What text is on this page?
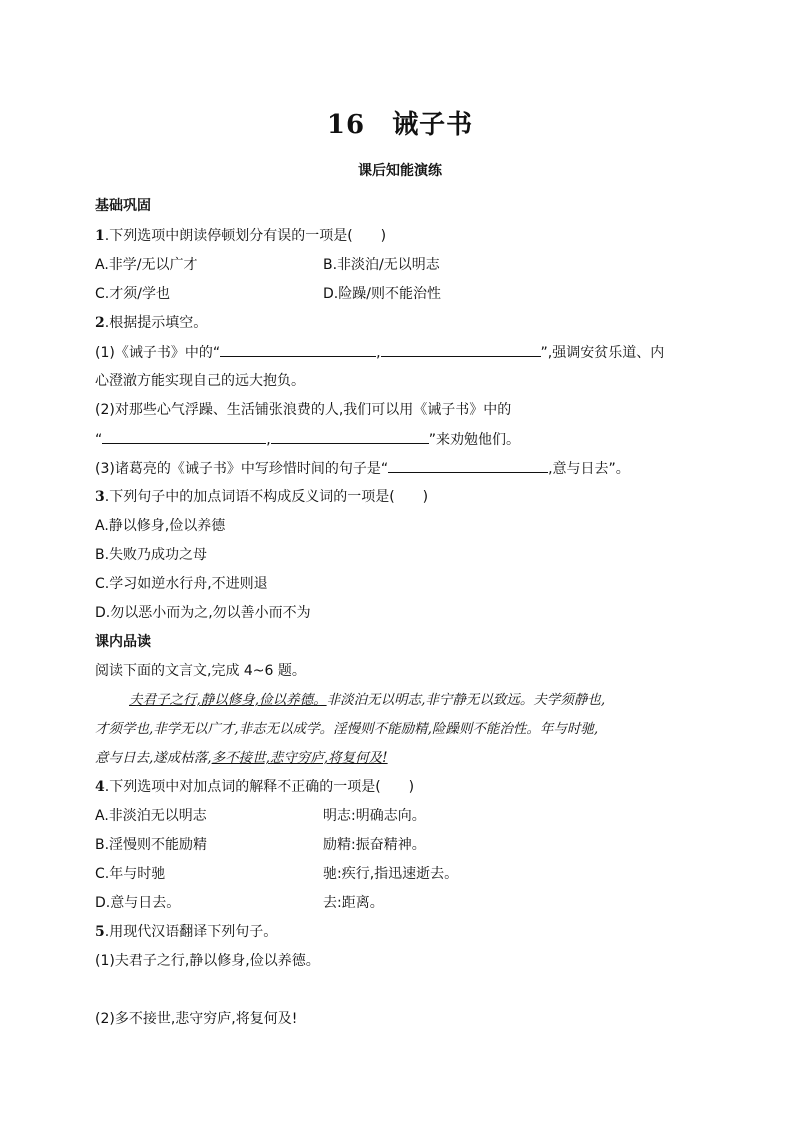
16　诫子书
课后知能演练
基础巩固
1.下列选项中朗读停顿划分有误的一项是(　　)
A.非学/无以广才	B.非淡泊/无以明志
C.才须/学也	D.险躁/则不能治性
2.根据提示填空。
(1)《诫子书》中的“	,	”,强调安贫乐道、内
心澄澈方能实现自己的远大抱负。
(2)对那些心气浮躁、生活铺张浪费的人,我们可以用《诫子书》中的
“	,	”来劝勉他们。
(3)诸葛亮的《诫子书》中写珍惜时间的句子是“	,意与日去”。
3.下列句子中的加点词语不构成反义词的一项是(　　)
A.静以修身,俭以养德
B.失败乃成功之母
C.学习如逆水行舟,不进则退
D.勿以恶小而为之,勿以善小而不为
课内品读
阅读下面的文言文,完成 4~6 题。
夫君子之行,静以修身,俭以养德。非淡泊无以明志,非宁静无以致远。夫学须静也,
才须学也,非学无以广才,非志无以成学。淫慢则不能励精,险躁则不能治性。年与时驰,
意与日去,遂成枯落,多不接世,悲守穷庐,将复何及!
4.下列选项中对加点词的解释不正确的一项是(　　)
A.非淡泊无以明志	明志:明确志向。
B.淫慢则不能励精	励精:振奋精神。
C.年与时驰	驰:疾行,指迅速逝去。
D.意与日去。	去:距离。
5.用现代汉语翻译下列句子。
(1)夫君子之行,静以修身,俭以养德。
(2)多不接世,悲守穷庐,将复何及!
